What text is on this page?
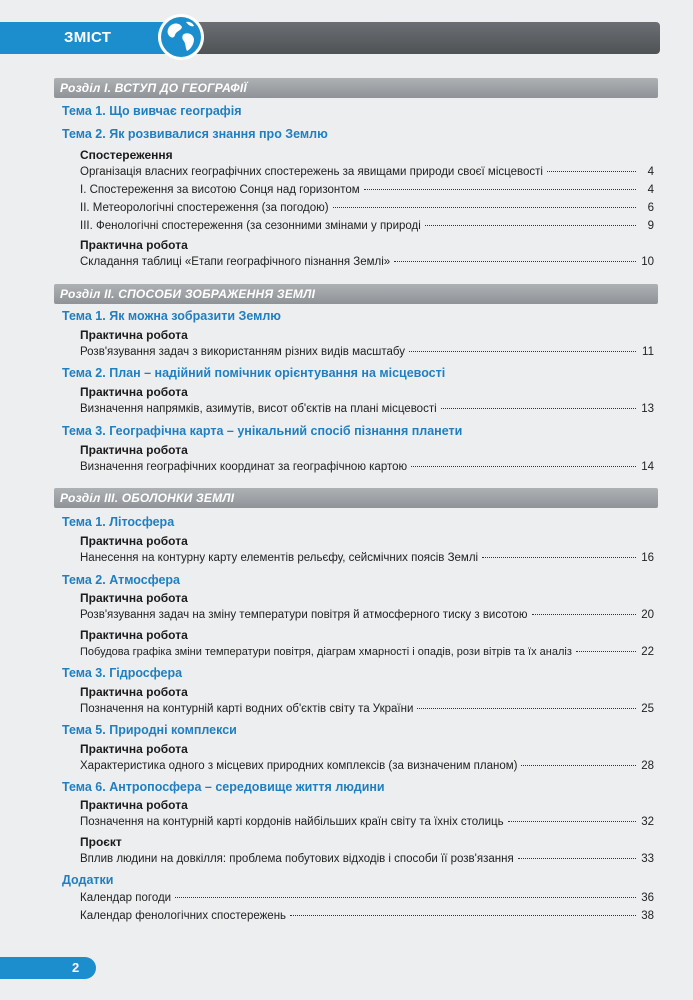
ЗМІСТ
Розділ I. ВСТУП ДО ГЕОГРАФІЇ
Тема 1. Що вивчає географія
Тема 2. Як розвивалися знання про Землю
Спостереження
Організація власних географічних спостережень за явищами природи своєї місцевості	4
I. Спостереження за висотою Сонця над горизонтом	4
II. Метеорологічні спостереження (за погодою)	6
III. Фенологічні спостереження (за сезонними змінами у природі	9
Практична робота
Складання таблиці «Етапи географічного пізнання Землі»	10
Розділ II. СПОСОБИ ЗОБРАЖЕННЯ ЗЕМЛІ
Тема 1. Як можна зобразити Землю
Практична робота
Розв'язування задач з використанням різних видів масштабу	11
Тема 2. План – надійний помічник орієнтування на місцевості
Практична робота
Визначення напрямків, азимутів, висот об'єктів на плані місцевості	13
Тема 3. Географічна карта – унікальний спосіб пізнання планети
Практична робота
Визначення географічних координат за географічною картою	14
Розділ III. ОБОЛОНКИ ЗЕМЛІ
Тема 1. Літосфера
Практична робота
Нанесення на контурну карту елементів рельєфу, сейсмічних поясів Землі	16
Тема 2. Атмосфера
Практична робота
Розв'язування задач на зміну температури повітря й атмосферного тиску з висотою	20
Практична робота
Побудова графіка зміни температури повітря, діаграм хмарності і опадів, рози вітрів та їх аналіз	22
Тема 3. Гідросфера
Практична робота
Позначення на контурній карті водних об'єктів світу та України	25
Тема 5. Природні комплекси
Практична робота
Характеристика одного з місцевих природних комплексів (за визначеним планом)	28
Тема 6. Антропосфера – середовище життя людини
Практична робота
Позначення на контурній карті кордонів найбільших країн світу та їхніх столиць	32
Проєкт
Вплив людини на довкілля: проблема побутових відходів і способи її розв'язання	33
Додатки
Календар погоди	36
Календар фенологічних спостережень	38
2
